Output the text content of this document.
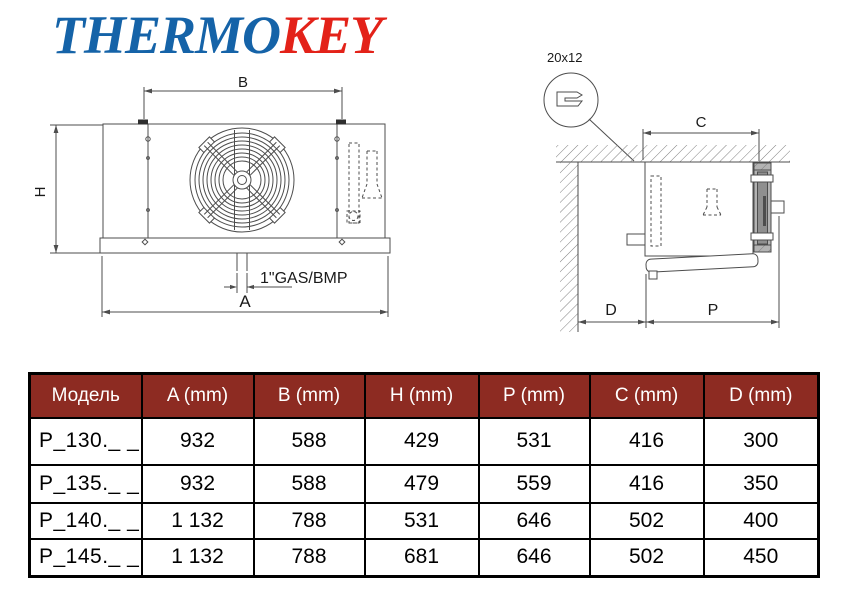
THERMOKEY
B
H
A
1"GAS/BMP
20x12
C
D	P
Модель	A (mm)	B (mm)	H (mm)	P (mm)	C (mm)	D (mm)
P_130._ _	932	588	429	531	416	300
P_135._ _	932	588	479	559	416	350
P_140._ _	1 132	788	531	646	502	400
P_145._ _	1 132	788	681	646	502	450
